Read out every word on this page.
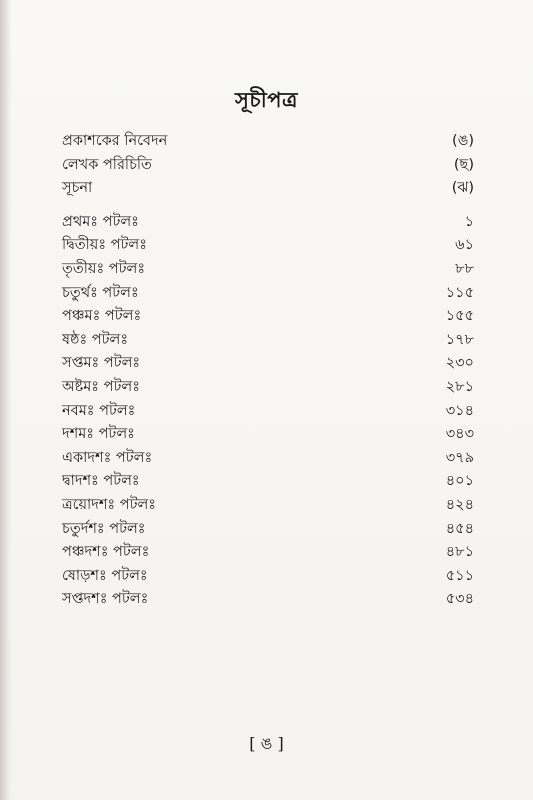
সূচীপত্র
প্রকাশকের নিবেদন	(ঙ)
লেখক পরিচিতি	(ছ)
সূচনা	(ঝ)
প্রথমঃ পটলঃ	১
দ্বিতীয়ঃ পটলঃ	৬১
তৃতীয়ঃ পটলঃ	৮৮
চতুর্থঃ পটলঃ	১১৫
পঞ্চমঃ পটলঃ	১৫৫
ষষ্ঠঃ পটলঃ	১৭৮
সপ্তমঃ পটলঃ	২৩০
অষ্টমঃ পটলঃ	২৮১
নবমঃ পটলঃ	৩১৪
দশমঃ পটলঃ	৩৪৩
একাদশঃ পটলঃ	৩৭৯
দ্বাদশঃ পটলঃ	৪০১
ত্রয়োদশঃ পটলঃ	৪২৪
চতুর্দশঃ পটলঃ	৪৫৪
পঞ্চদশঃ পটলঃ	৪৮১
ষোড়শঃ পটলঃ	৫১১
সপ্তদশঃ পটলঃ	৫৩৪
[ ঙ ]
